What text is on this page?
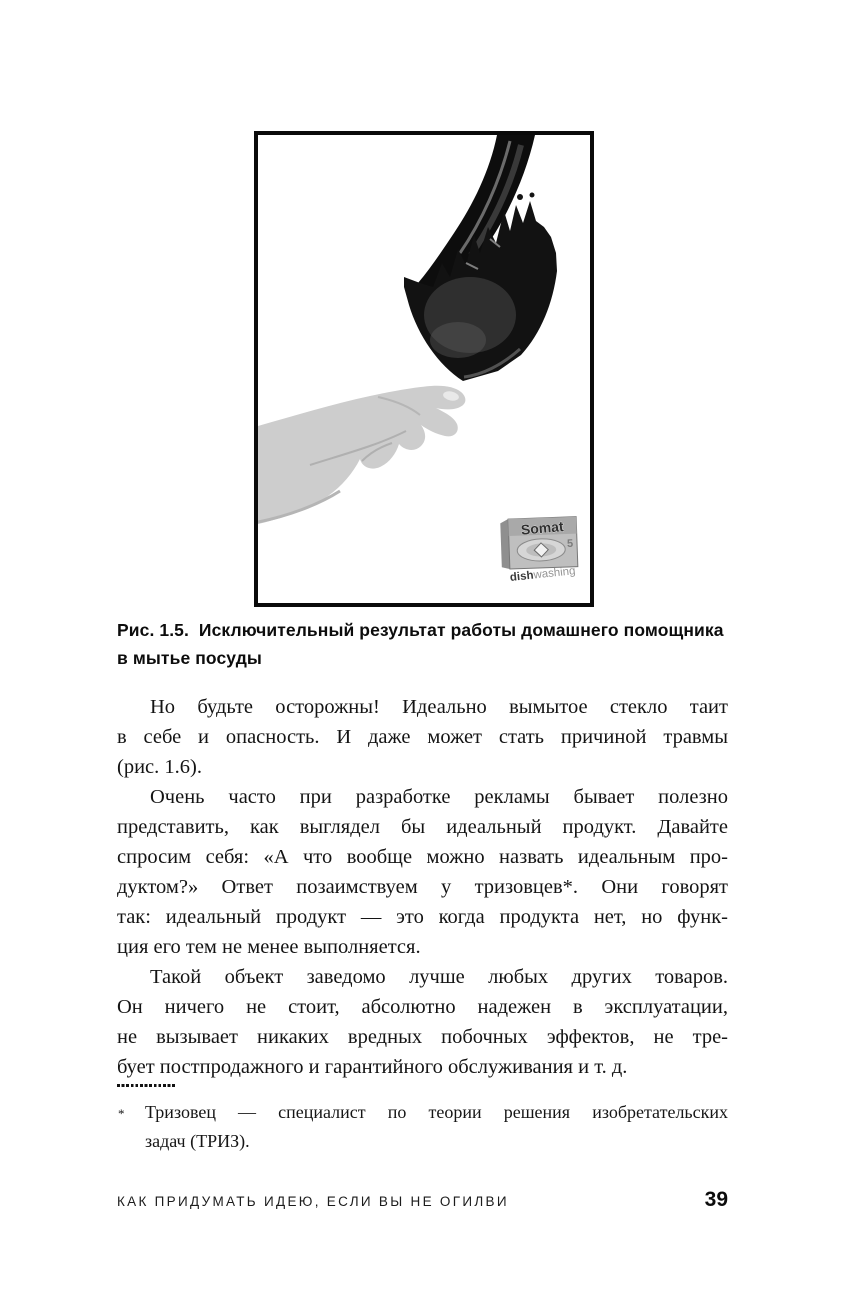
Somat
5
dishwashing
Рис. 1.5.  Исключительный результат работы домашнего помощника
в мытье посуды
Но будьте осторожны! Идеально вымытое стекло таит
в себе и опасность. И даже может стать причиной травмы
(рис. 1.6).
Очень часто при разработке рекламы бывает полезно
представить, как выглядел бы идеальный продукт. Давайте
спросим себя: «А что вообще можно назвать идеальным про-
дуктом?» Ответ позаимствуем у тризовцев*. Они говорят
так: идеальный продукт — это когда продукта нет, но функ-
ция его тем не менее выполняется.
Такой объект заведомо лучше любых других товаров.
Он ничего не стоит, абсолютно надежен в эксплуатации,
не вызывает никаких вредных побочных эффектов, не тре-
бует постпродажного и гарантийного обслуживания и т. д.
* Тризовец — специалист по теории решения изобретательских
задач (ТРИЗ).
КАК ПРИДУМАТЬ ИДЕЮ, ЕСЛИ ВЫ НЕ ОГИЛВИ	39
